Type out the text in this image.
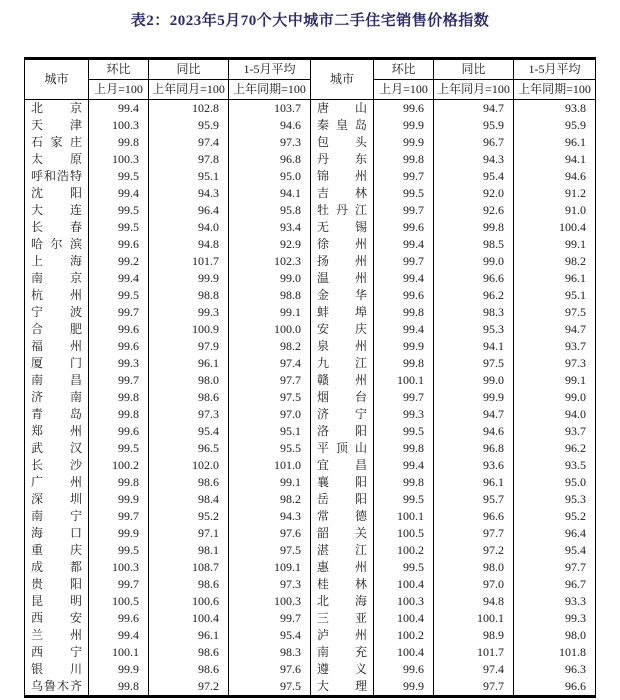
表2：2023年5月70个大中城市二手住宅销售价格指数
城市	环比	同比	1-5月平均	城市	环比	同比	1-5月平均
	上月=100	上年同月=100	上年同期=100		上月=100	上年同月=100	上年同期=100
北京	99.4	102.8	103.7	唐山	99.6	94.7	93.8
天津	100.3	95.9	94.6	秦皇岛	99.9	95.9	95.9
石家庄	99.8	97.4	97.3	包头	99.9	96.7	96.1
太原	100.3	97.8	96.8	丹东	99.8	94.3	94.1
呼和浩特	99.5	95.1	95.0	锦州	99.7	95.4	94.6
沈阳	99.4	94.3	94.1	吉林	99.5	92.0	91.2
大连	99.5	96.4	95.8	牡丹江	99.7	92.6	91.0
长春	99.5	94.0	93.4	无锡	99.6	99.8	100.4
哈尔滨	99.6	94.8	92.9	徐州	99.4	98.5	99.1
上海	99.2	101.7	102.3	扬州	99.7	99.0	98.2
南京	99.4	99.9	99.0	温州	99.4	96.6	96.1
杭州	99.5	98.8	98.8	金华	99.6	96.2	95.1
宁波	99.7	99.3	99.1	蚌埠	99.8	98.3	97.5
合肥	99.6	100.9	100.0	安庆	99.4	95.3	94.7
福州	99.6	97.9	98.2	泉州	99.9	94.1	93.7
厦门	99.3	96.1	97.4	九江	99.8	97.5	97.3
南昌	99.7	98.0	97.7	赣州	100.1	99.0	99.1
济南	99.8	98.6	97.5	烟台	99.7	99.9	99.0
青岛	99.8	97.3	97.0	济宁	99.3	94.7	94.0
郑州	99.6	95.4	95.1	洛阳	99.5	94.6	93.7
武汉	99.5	96.5	95.5	平顶山	99.8	96.8	96.2
长沙	100.2	102.0	101.0	宜昌	99.4	93.6	93.5
广州	99.8	98.6	99.1	襄阳	99.8	96.1	95.0
深圳	99.9	98.4	98.2	岳阳	99.5	95.7	95.3
南宁	99.7	95.2	94.3	常德	100.1	96.6	95.2
海口	99.9	97.1	97.6	韶关	100.5	97.7	96.4
重庆	99.5	98.1	97.5	湛江	100.2	97.2	95.4
成都	100.3	108.7	109.1	惠州	99.5	98.0	97.7
贵阳	99.7	98.6	97.3	桂林	100.4	97.0	96.7
昆明	100.5	100.6	100.3	北海	100.3	94.8	93.3
西安	99.6	100.4	99.7	三亚	100.4	100.1	99.3
兰州	99.4	96.1	95.4	泸州	100.2	98.9	98.0
西宁	100.1	98.6	98.3	南充	100.4	101.7	101.8
银川	99.9	98.6	97.6	遵义	99.6	97.4	96.3
乌鲁木齐	99.8	97.2	97.5	大理	99.9	97.7	96.6
